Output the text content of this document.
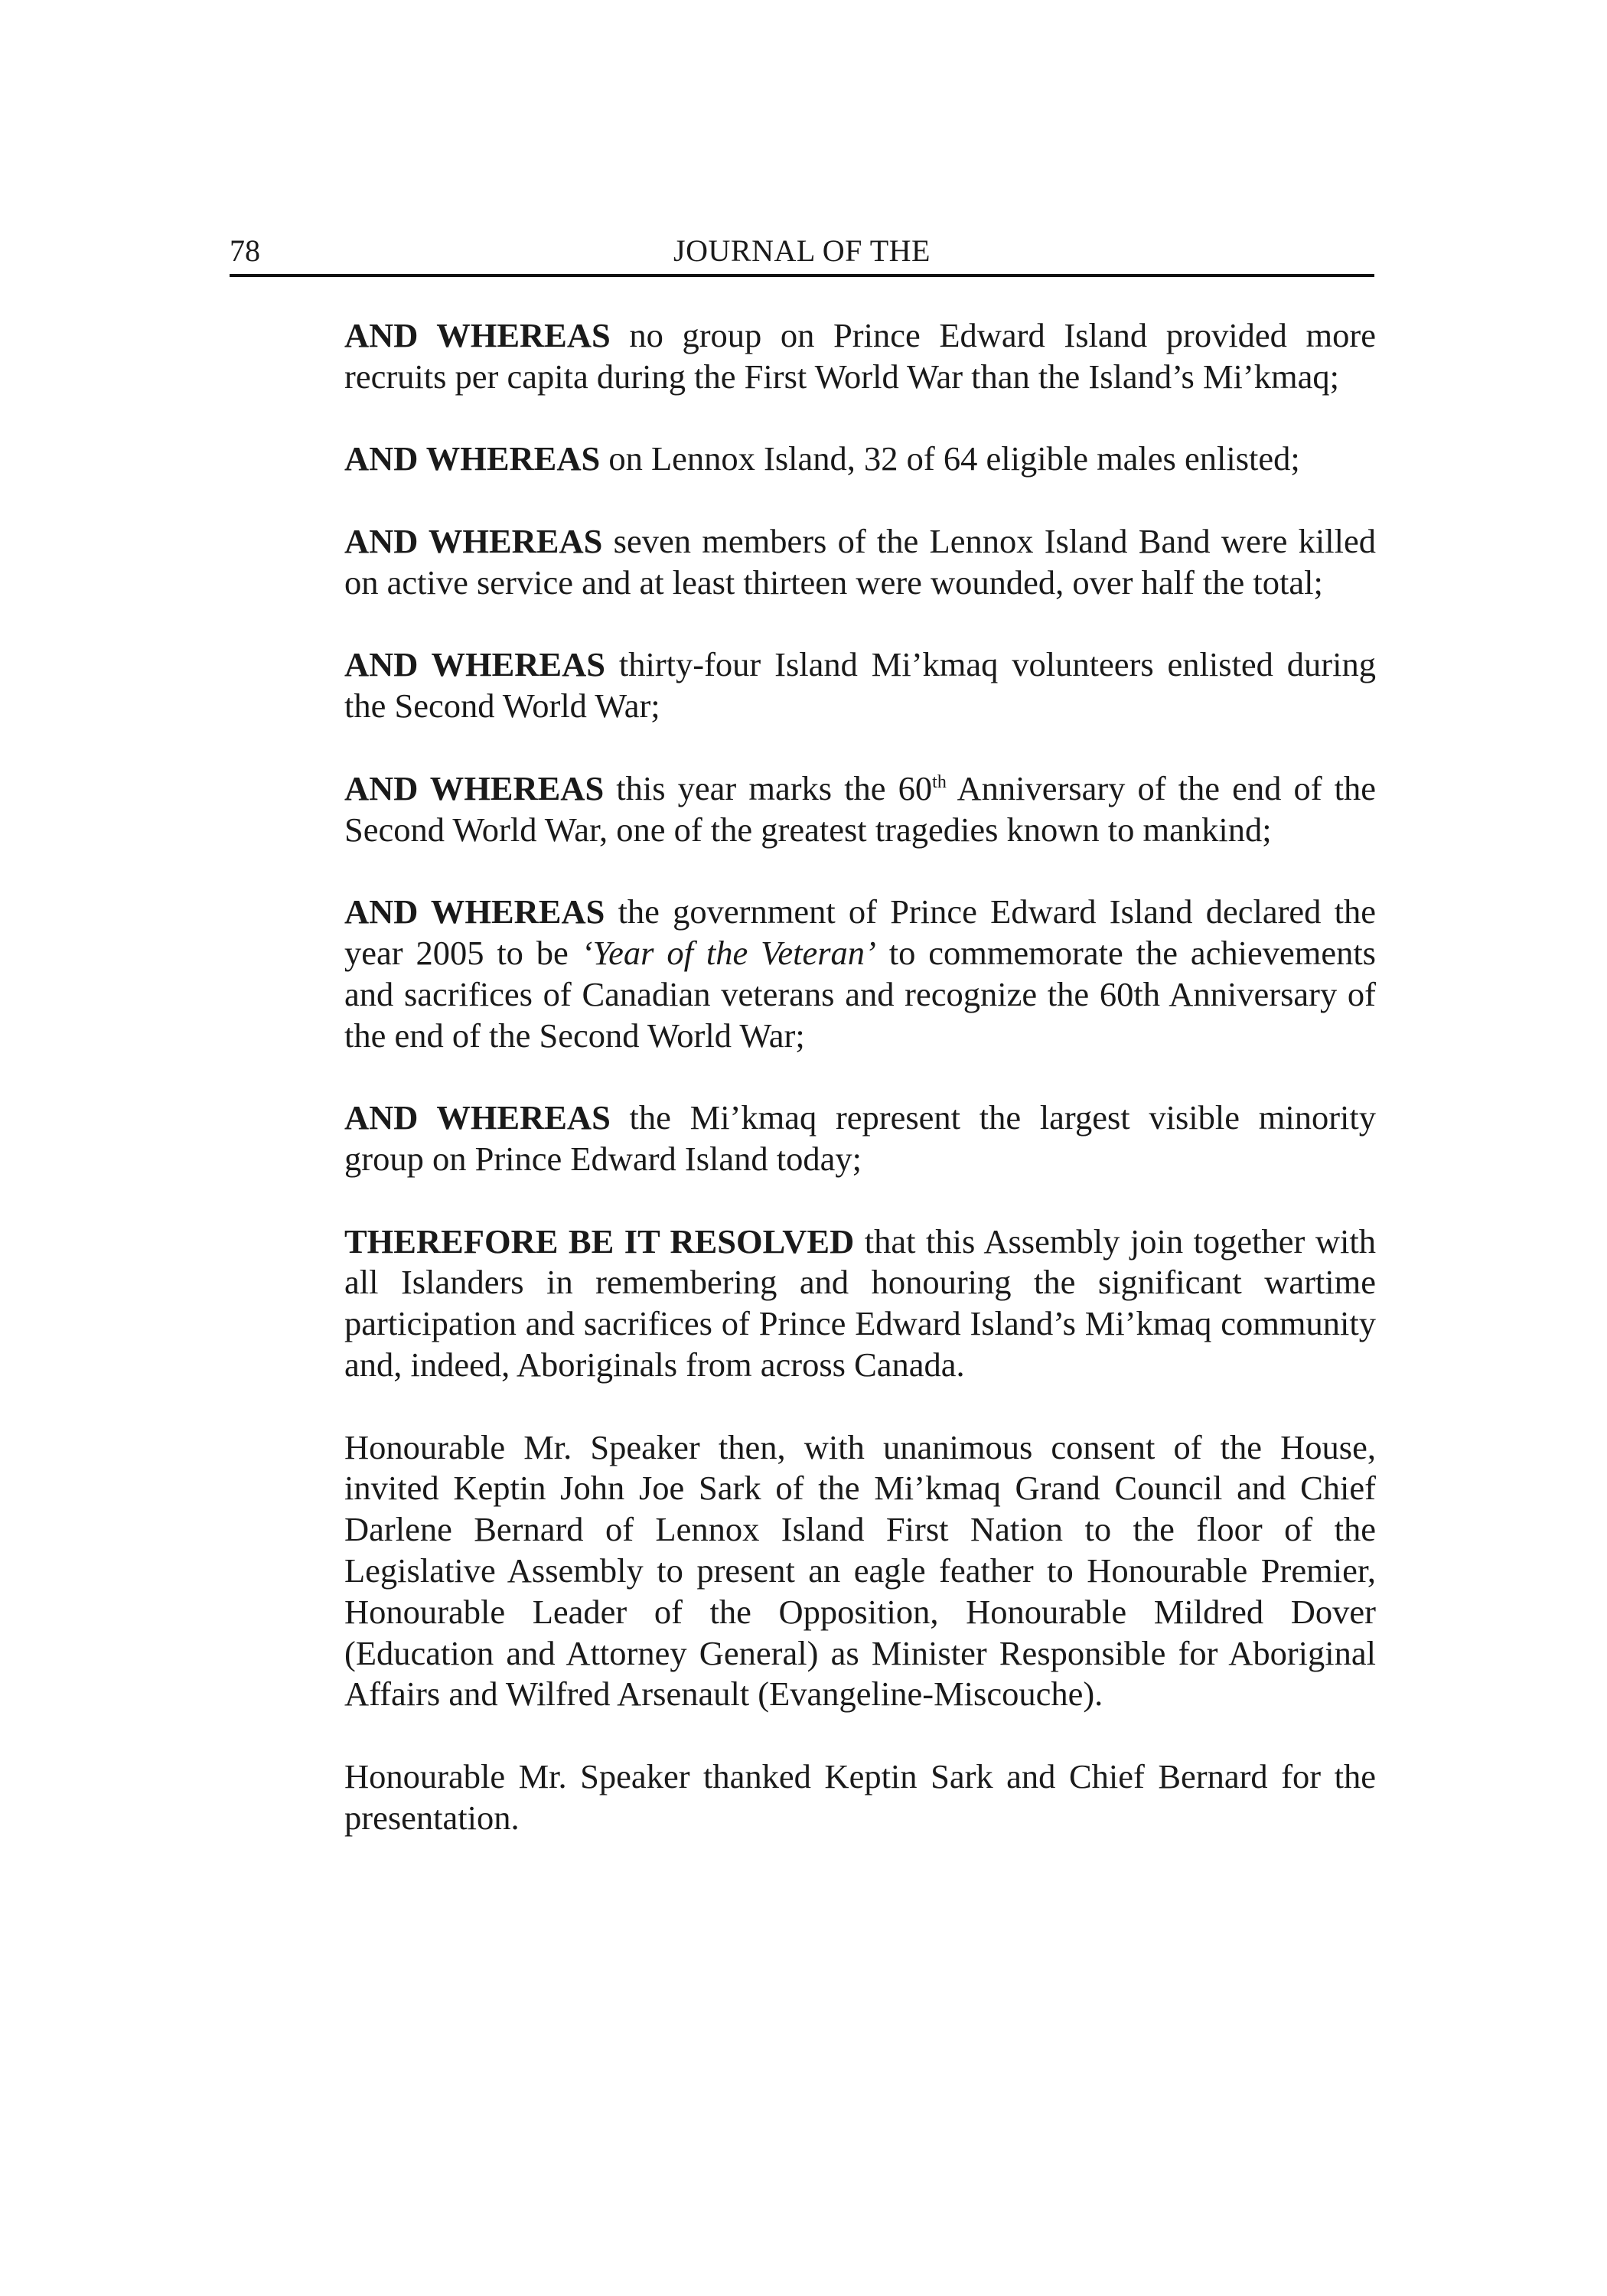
78	JOURNAL OF THE

AND WHEREAS no group on Prince Edward Island provided more recruits per capita during the First World War than the Island’s Mi’kmaq;

AND WHEREAS on Lennox Island, 32 of 64 eligible males enlisted;

AND WHEREAS seven members of the Lennox Island Band were killed on active service and at least thirteen were wounded, over half the total;

AND WHEREAS thirty-four Island Mi’kmaq volunteers enlisted during the Second World War;

AND WHEREAS this year marks the 60th Anniversary of the end of the Second World War, one of the greatest tragedies known to mankind;

AND WHEREAS the government of Prince Edward Island declared the year 2005 to be ‘Year of the Veteran’ to commemorate the achievements and sacrifices of Canadian veterans and recognize the 60th Anniversary of the end of the Second World War;

AND WHEREAS the Mi’kmaq represent the largest visible minority group on Prince Edward Island today;

THEREFORE BE IT RESOLVED that this Assembly join together with all Islanders in remembering and honouring the significant wartime participation and sacrifices of Prince Edward Island’s Mi’kmaq community and, indeed, Aboriginals from across Canada.

Honourable Mr. Speaker then, with unanimous consent of the House, invited Keptin John Joe Sark of the Mi’kmaq Grand Council and Chief Darlene Bernard of Lennox Island First Nation to the floor of the Legislative Assembly to present an eagle feather to Honourable Premier, Honourable Leader of the Opposition, Honourable Mildred Dover (Education and Attorney General) as Minister Responsible for Aboriginal Affairs and Wilfred Arsenault (Evangeline-Miscouche).

Honourable Mr. Speaker thanked Keptin Sark and Chief Bernard for the presentation.
